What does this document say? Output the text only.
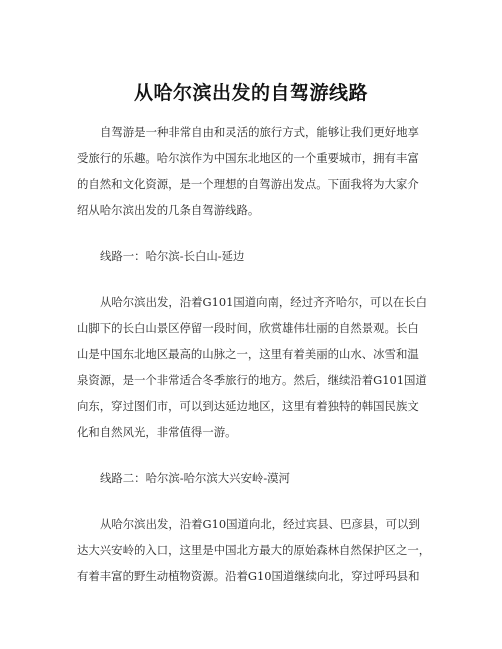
从哈尔滨出发的自驾游线路
自驾游是一种非常自由和灵活的旅行方式，能够让我们更好地享
受旅行的乐趣。哈尔滨作为中国东北地区的一个重要城市，拥有丰富
的自然和文化资源，是一个理想的自驾游出发点。下面我将为大家介
绍从哈尔滨出发的几条自驾游线路。
线路一：哈尔滨-长白山-延边
从哈尔滨出发，沿着G101国道向南，经过齐齐哈尔，可以在长白
山脚下的长白山景区停留一段时间，欣赏雄伟壮丽的自然景观。长白
山是中国东北地区最高的山脉之一，这里有着美丽的山水、冰雪和温
泉资源，是一个非常适合冬季旅行的地方。然后，继续沿着G101国道
向东，穿过图们市，可以到达延边地区，这里有着独特的韩国民族文
化和自然风光，非常值得一游。
线路二：哈尔滨-哈尔滨大兴安岭-漠河
从哈尔滨出发，沿着G10国道向北，经过宾县、巴彦县，可以到
达大兴安岭的入口，这里是中国北方最大的原始森林自然保护区之一，
有着丰富的野生动植物资源。沿着G10国道继续向北，穿过呼玛县和
